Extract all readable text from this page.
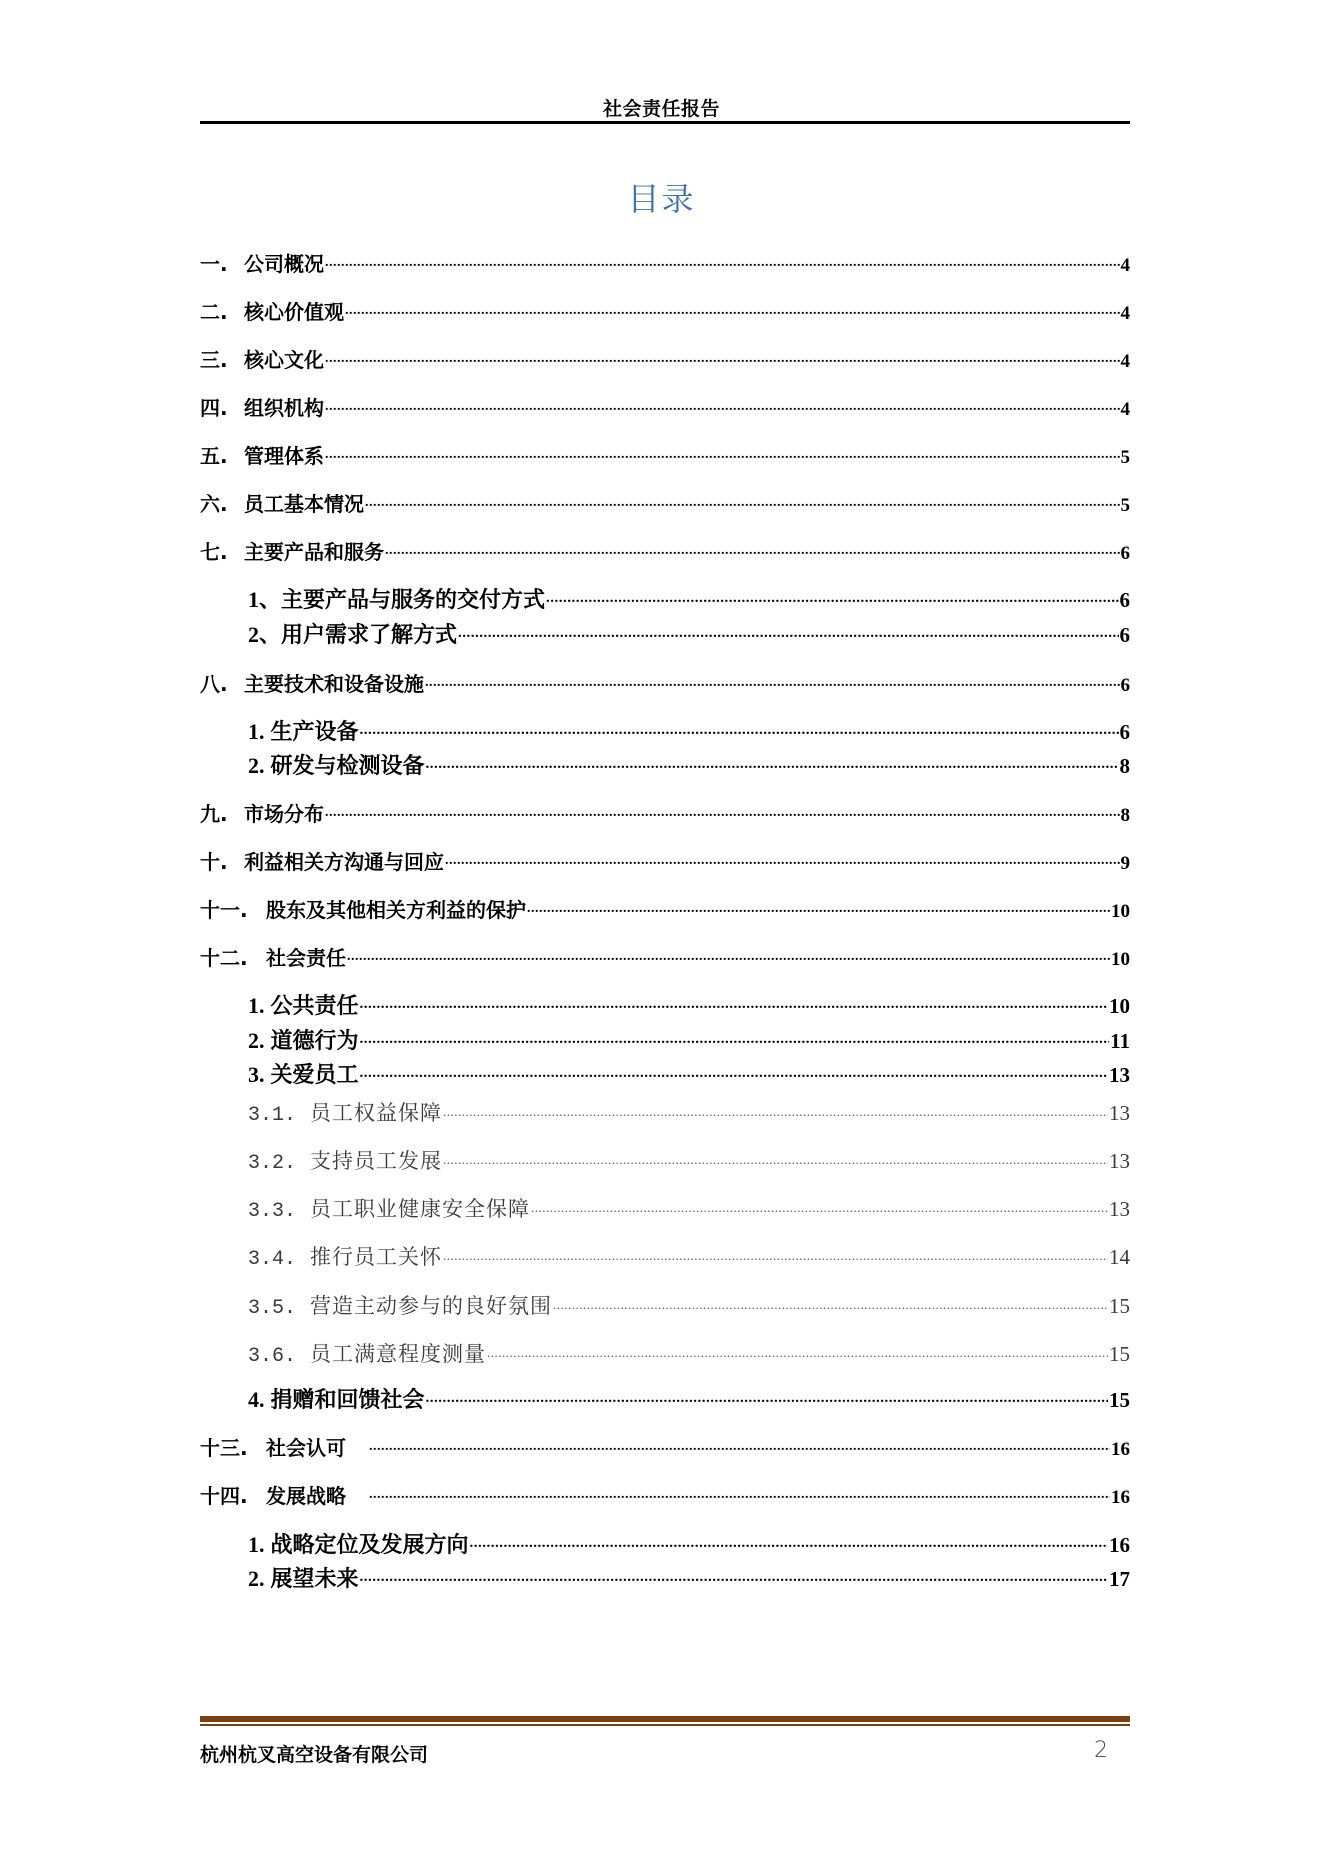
社会责任报告
目录
一. 公司概况 .....	4
二. 核心价值观 .....	4
三. 核心文化 .....	4
四. 组织机构 .....	4
五. 管理体系 .....	5
六. 员工基本情况 .....	5
七. 主要产品和服务 .....	6
1、 主要产品与服务的交付方式 .....	6
2、 用户需求了解方式 .....	6
八. 主要技术和设备设施 .....	6
1. 生产设备 .....	6
2. 研发与检测设备 .....	8
九. 市场分布 .....	8
十. 利益相关方沟通与回应 .....	9
十一. 股东及其他相关方利益的保护 .....	10
十二. 社会责任 .....	10
1. 公共责任 .....	10
2. 道德行为 .....	11
3. 关爱员工 .....	13
3.1. 员工权益保障 .....	13
3.2. 支持员工发展 .....	13
3.3. 员工职业健康安全保障 .....	13
3.4. 推行员工关怀 .....	14
3.5. 营造主动参与的良好氛围 .....	15
3.6. 员工满意程度测量 .....	15
4. 捐赠和回馈社会 .....	15
十三. 社会认可 .....	16
十四. 发展战略 .....	16
1. 战略定位及发展方向 .....	16
2. 展望未来 .....	17
杭州杭叉高空设备有限公司	2
